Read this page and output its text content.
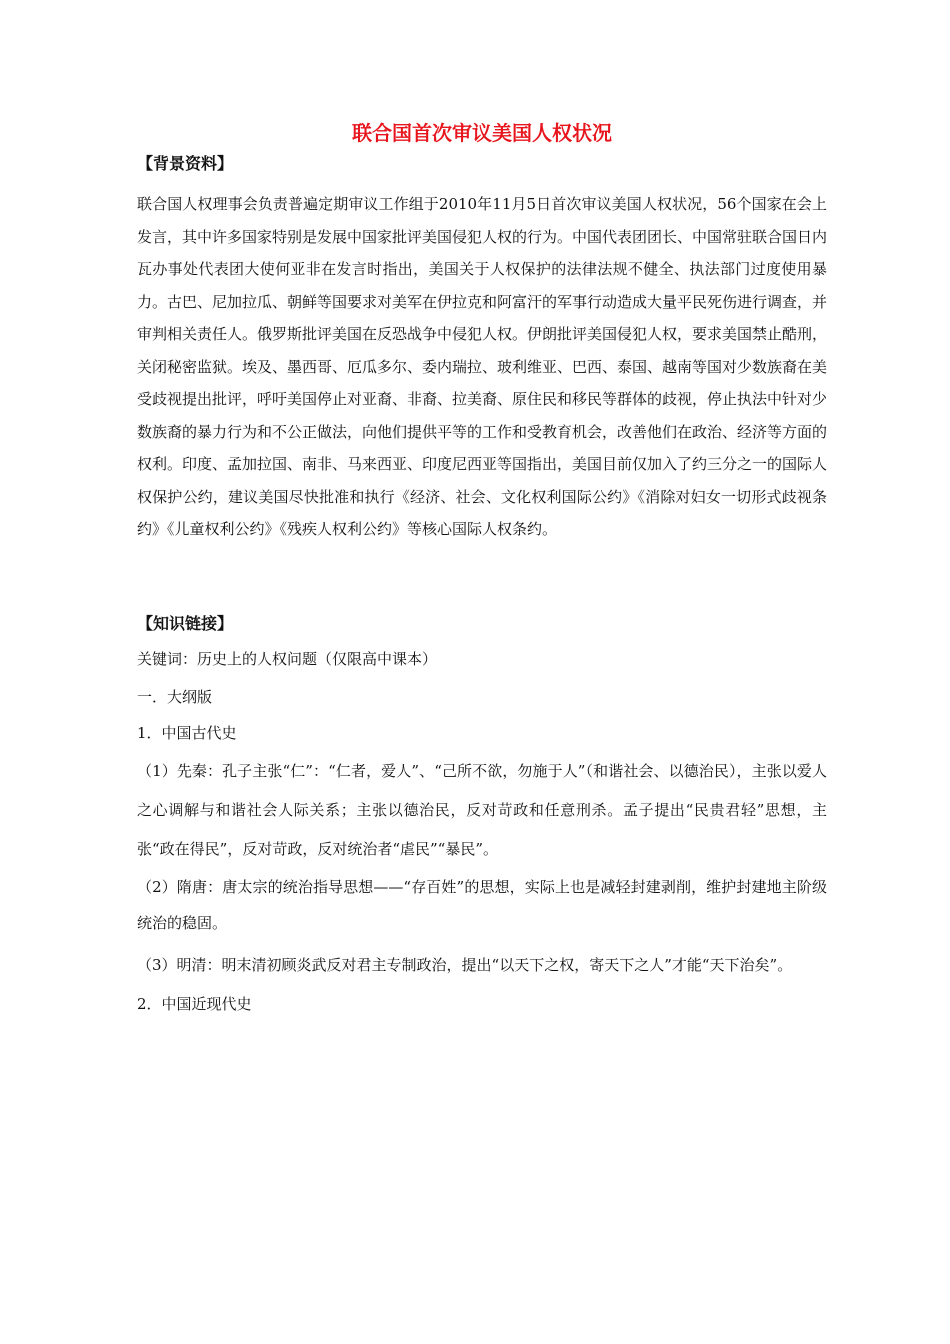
联合国首次审议美国人权状况

【背景资料】

联合国人权理事会负责普遍定期审议工作组于2010年11月5日首次审议美国人权状况，56个国家在会上发言，其中许多国家特别是发展中国家批评美国侵犯人权的行为。中国代表团团长、中国常驻联合国日内瓦办事处代表团大使何亚非在发言时指出，美国关于人权保护的法律法规不健全、执法部门过度使用暴力。古巴、尼加拉瓜、朝鲜等国要求对美军在伊拉克和阿富汗的军事行动造成大量平民死伤进行调查，并审判相关责任人。俄罗斯批评美国在反恐战争中侵犯人权。伊朗批评美国侵犯人权，要求美国禁止酷刑，关闭秘密监狱。埃及、墨西哥、厄瓜多尔、委内瑞拉、玻利维亚、巴西、泰国、越南等国对少数族裔在美受歧视提出批评，呼吁美国停止对亚裔、非裔、拉美裔、原住民和移民等群体的歧视，停止执法中针对少数族裔的暴力行为和不公正做法，向他们提供平等的工作和受教育机会，改善他们在政治、经济等方面的权利。印度、孟加拉国、南非、马来西亚、印度尼西亚等国指出，美国目前仅加入了约三分之一的国际人权保护公约，建议美国尽快批准和执行《经济、社会、文化权利国际公约》《消除对妇女一切形式歧视条约》《儿童权利公约》《残疾人权利公约》等核心国际人权条约。

【知识链接】

关键词：历史上的人权问题（仅限高中课本）

一．大纲版

1．中国古代史

（1）先秦：孔子主张“仁”：“仁者，爱人”、“己所不欲，勿施于人”（和谐社会、以德治民），主张以爱人之心调解与和谐社会人际关系；主张以德治民，反对苛政和任意刑杀。孟子提出“民贵君轻”思想，主张“政在得民”，反对苛政，反对统治者“虐民”“暴民”。

（2）隋唐：唐太宗的统治指导思想——“存百姓”的思想，实际上也是减轻封建剥削，维护封建地主阶级统治的稳固。

（3）明清：明末清初顾炎武反对君主专制政治，提出“以天下之权，寄天下之人”才能“天下治矣”。

2．中国近现代史
